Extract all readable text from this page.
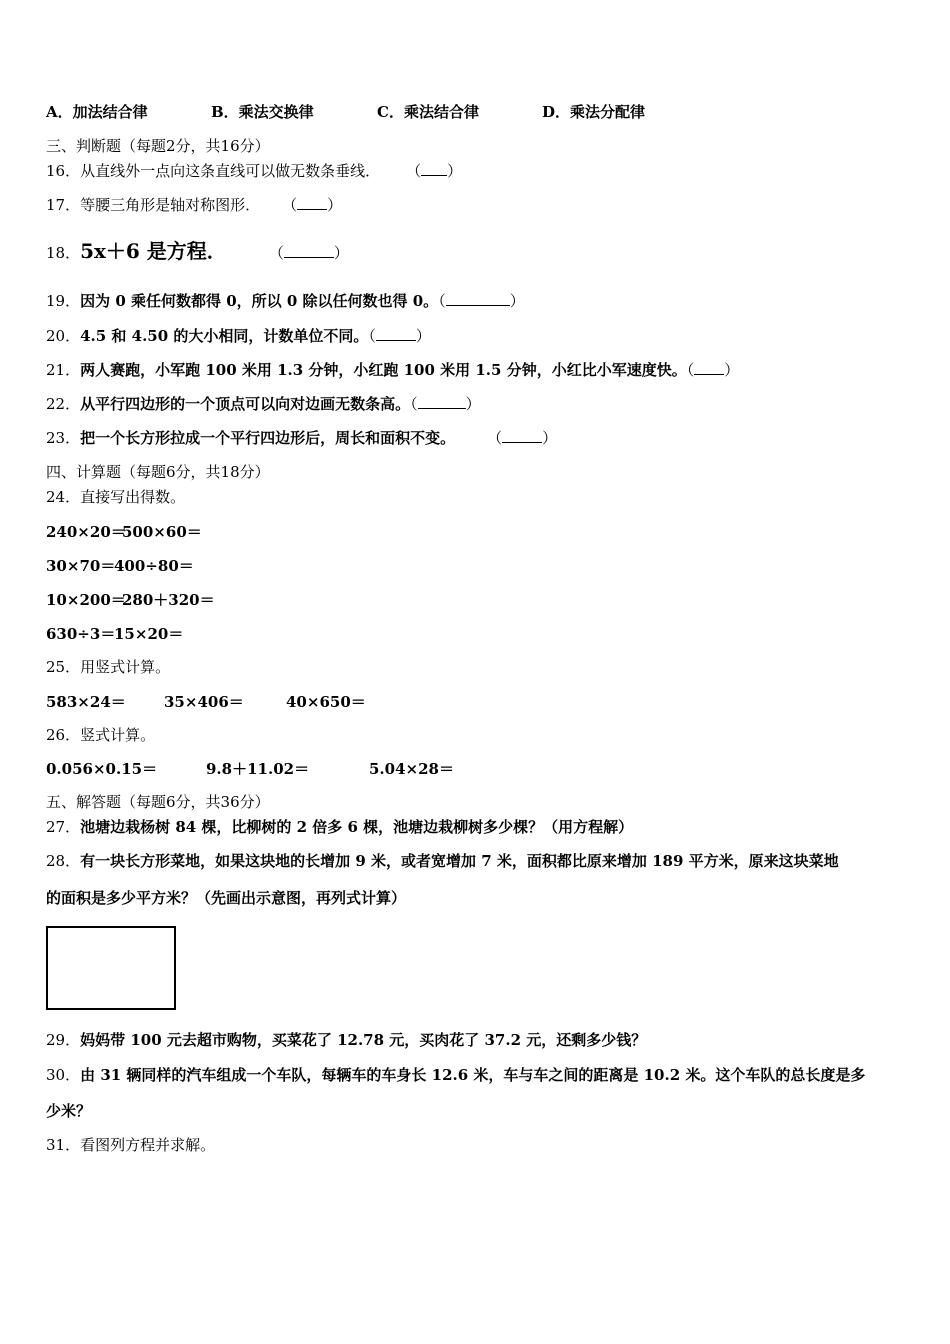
A．加法结合律	B．乘法交换律	C．乘法结合律	D．乘法分配律
三、判断题（每题2分，共16分）
16．从直线外一点向这条直线可以做无数条垂线． （ ）
17．等腰三角形是轴对称图形． （ ）
18．5x＋6 是方程．	（	）
19．因为 0 乘任何数都得 0，所以 0 除以任何数也得 0。（	）
20．4.5 和 4.50 的大小相同，计数单位不同。（	）
21．两人赛跑，小军跑 100 米用 1.3 分钟，小红跑 100 米用 1.5 分钟，小红比小军速度快。（ ）
22．从平行四边形的一个顶点可以向对边画无数条高。（	）
23．把一个长方形拉成一个平行四边形后，周长和面积不变。 （	）
四、计算题（每题6分，共18分）
24．直接写出得数。
240×20＝
500×60＝
30×70＝
400÷80＝
10×200＝
280＋320＝
630÷3＝
15×20＝
25．用竖式计算。
583×24＝	35×406＝	40×650＝
26．竖式计算。
0.056×0.15＝	9.8＋11.02＝	5.04×28＝
五、解答题（每题6分，共36分）
27．池塘边栽杨树 84 棵，比柳树的 2 倍多 6 棵，池塘边栽柳树多少棵？（用方程解）
28．有一块长方形菜地，如果这块地的长增加 9 米，或者宽增加 7 米，面积都比原来增加 189 平方米，原来这块菜地
的面积是多少平方米？（先画出示意图，再列式计算）
29．妈妈带 100 元去超市购物，买菜花了 12.78 元，买肉花了 37.2 元，还剩多少钱？
30．由 31 辆同样的汽车组成一个车队，每辆车的车身长 12.6 米，车与车之间的距离是 10.2 米。这个车队的总长度是多
少米？
31．看图列方程并求解。
